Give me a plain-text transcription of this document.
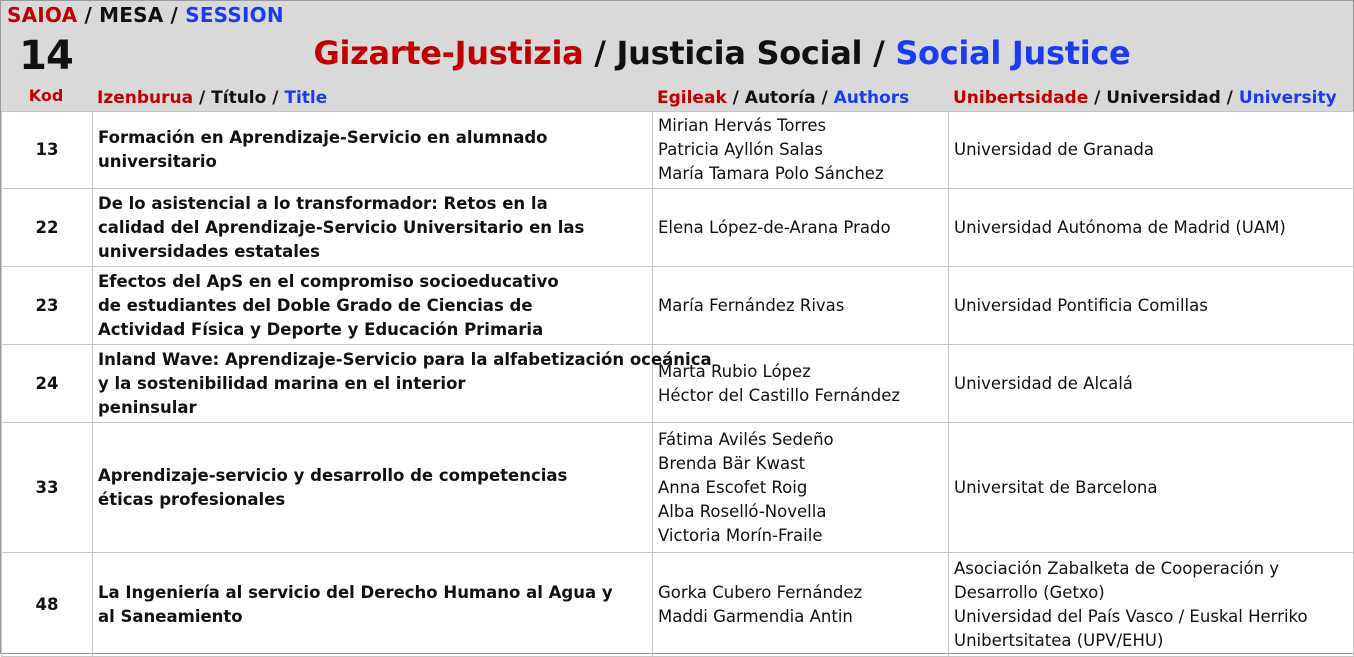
SAIOA / MESA / SESSION
14	Gizarte-Justizia / Justicia Social / Social Justice
Kod	Izenburua / Título / Title	Egileak / Autoría / Authors	Unibertsidade / Universidad / University
13	Formación en Aprendizaje-Servicio en alumnado
universitario	Mirian Hervás Torres
Patricia Ayllón Salas
María Tamara Polo Sánchez	Universidad de Granada

22	De lo asistencial a lo transformador: Retos en la
calidad del Aprendizaje-Servicio Universitario en las
universidades estatales	Elena López-de-Arana Prado	Universidad Autónoma de Madrid (UAM)

23	Efectos del ApS en el compromiso socioeducativo
de estudiantes del Doble Grado de Ciencias de
Actividad Física y Deporte y Educación Primaria	María Fernández Rivas	Universidad Pontificia Comillas

24	Inland Wave: Aprendizaje-Servicio para la alfabetización oceánica
y la sostenibilidad marina en el interior
peninsular	Marta Rubio López
Héctor del Castillo Fernández	Universidad de Alcalá

33	Aprendizaje-servicio y desarrollo de competencias
éticas profesionales	Fátima Avilés Sedeño
Brenda Bär Kwast
Anna Escofet Roig
Alba Roselló-Novella
Victoria Morín-Fraile	Universitat de Barcelona

48	La Ingeniería al servicio del Derecho Humano al Agua y
al Saneamiento	Gorka Cubero Fernández
Maddi Garmendia Antin	Asociación Zabalketa de Cooperación y
Desarrollo (Getxo)
Universidad del País Vasco / Euskal Herriko
Unibertsitatea (UPV/EHU)
